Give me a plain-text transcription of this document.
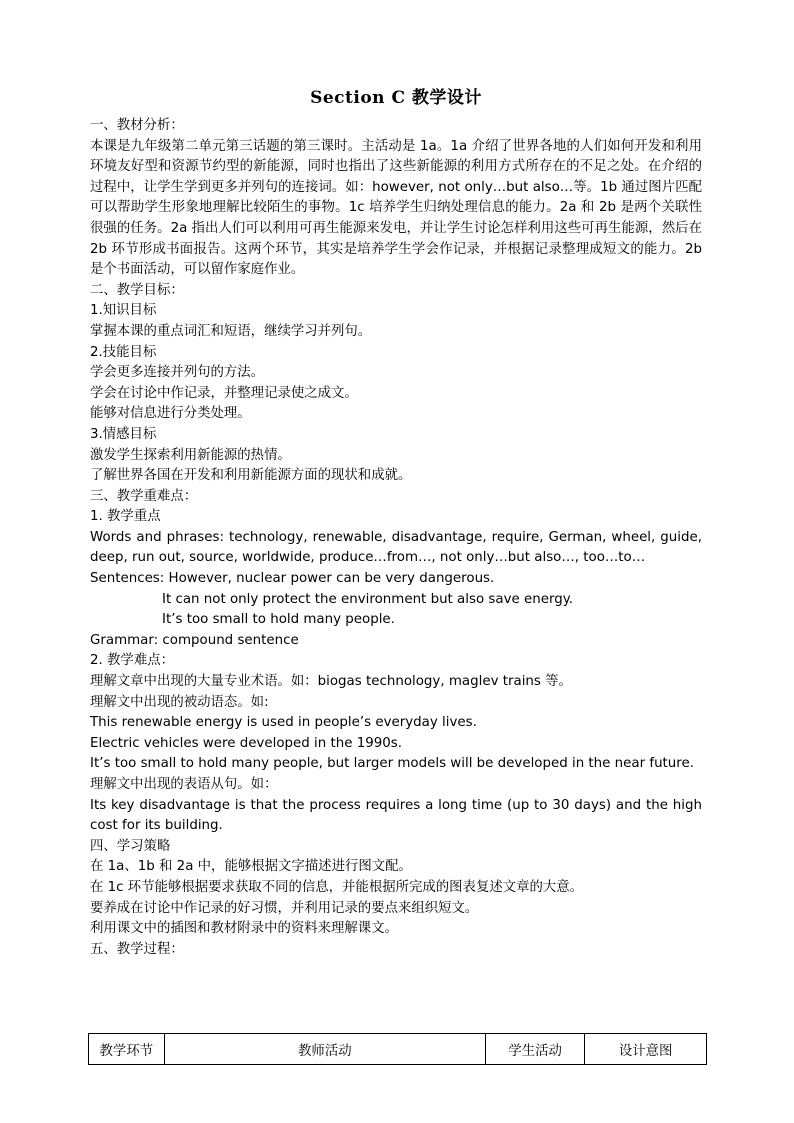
Section C 教学设计

一、教材分析：

本课是九年级第二单元第三话题的第三课时。主活动是 1a。1a 介绍了世界各地的人们如何开发和利用环境友好型和资源节约型的新能源，同时也指出了这些新能源的利用方式所存在的不足之处。在介绍的过程中，让学生学到更多并列句的连接词。如：however, not only…but also…等。1b 通过图片匹配可以帮助学生形象地理解比较陌生的事物。1c 培养学生归纳处理信息的能力。2a 和 2b 是两个关联性很强的任务。2a 指出人们可以利用可再生能源来发电，并让学生讨论怎样利用这些可再生能源，然后在 2b 环节形成书面报告。这两个环节，其实是培养学生学会作记录，并根据记录整理成短文的能力。2b 是个书面活动，可以留作家庭作业。

二、教学目标：

1.知识目标

掌握本课的重点词汇和短语，继续学习并列句。

2.技能目标

学会更多连接并列句的方法。

学会在讨论中作记录，并整理记录使之成文。

能够对信息进行分类处理。

3.情感目标

激发学生探索利用新能源的热情。

了解世界各国在开发和利用新能源方面的现状和成就。

三、教学重难点：

1. 教学重点

Words and phrases: technology, renewable, disadvantage, require, German, wheel, guide, deep, run out, source, worldwide, produce…from…, not only…but also…, too…to…

Sentences: However, nuclear power can be very dangerous.

It can not only protect the environment but also save energy.

It’s too small to hold many people.

Grammar: compound sentence

2. 教学难点：

理解文章中出现的大量专业术语。如：biogas technology, maglev trains 等。

理解文中出现的被动语态。如:

This renewable energy is used in people’s everyday lives.

Electric vehicles were developed in the 1990s.

It’s too small to hold many people, but larger models will be developed in the near future.

理解文中出现的表语从句。如：

Its key disadvantage is that the process requires a long time (up to 30 days) and the high cost for its building.

四、学习策略

在 1a、1b 和 2a 中，能够根据文字描述进行图文配。

在 1c 环节能够根据要求获取不同的信息，并能根据所完成的图表复述文章的大意。

要养成在讨论中作记录的好习惯，并利用记录的要点来组织短文。

利用课文中的插图和教材附录中的资料来理解课文。

五、教学过程：

教学环节	教师活动	学生活动	设计意图
